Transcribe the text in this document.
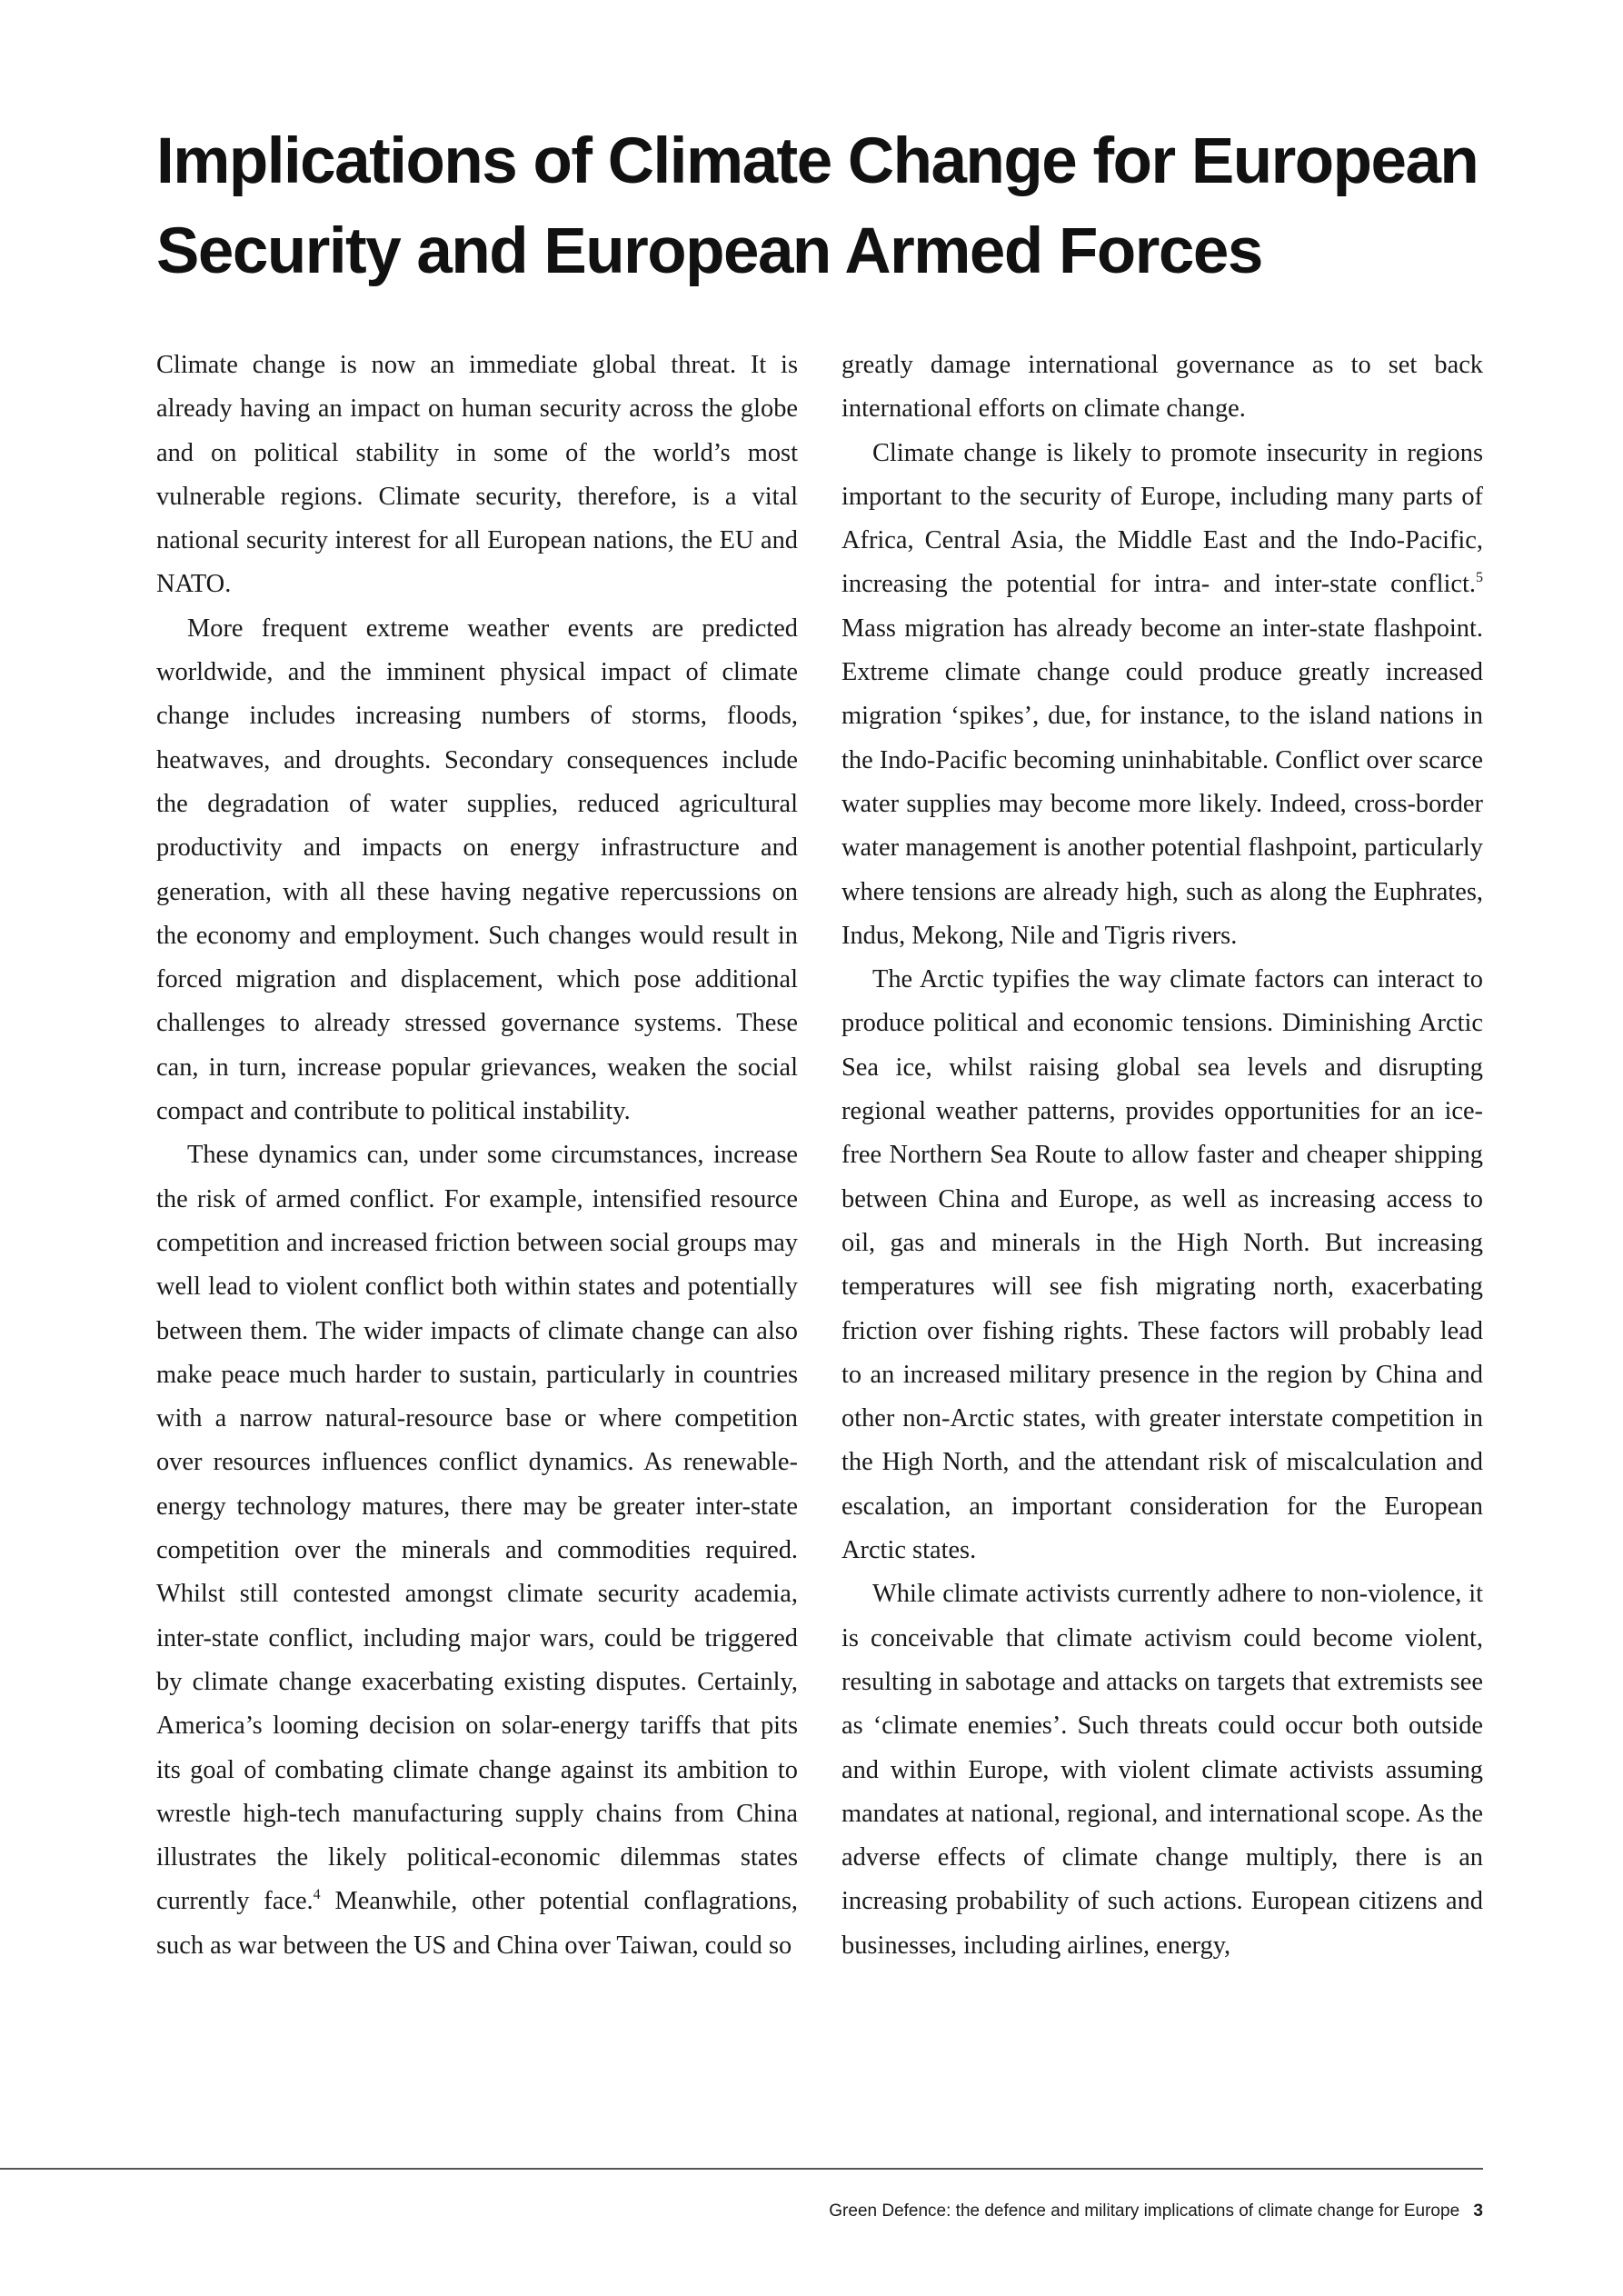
Implications of Climate Change for European Security and European Armed Forces

Climate change is now an immediate global threat. It is already having an impact on human security across the globe and on political stability in some of the world’s most vulnerable regions. Climate security, therefore, is a vital national security interest for all European nations, the EU and NATO.

More frequent extreme weather events are predicted worldwide, and the imminent physical impact of climate change includes increasing numbers of storms, floods, heatwaves, and droughts. Secondary consequences include the degradation of water supplies, reduced agricultural productivity and impacts on energy infrastructure and generation, with all these having negative repercussions on the economy and employment. Such changes would result in forced migration and displacement, which pose additional challenges to already stressed governance systems. These can, in turn, increase popular grievances, weaken the social compact and contribute to political instability.

These dynamics can, under some circumstances, increase the risk of armed conflict. For example, intensified resource competition and increased friction between social groups may well lead to violent conflict both within states and potentially between them. The wider impacts of climate change can also make peace much harder to sustain, particularly in countries with a narrow natural-resource base or where competition over resources influences conflict dynamics. As renewable-energy technology matures, there may be greater inter-state competition over the minerals and commodities required. Whilst still contested amongst climate security academia, inter-state conflict, including major wars, could be triggered by climate change exacerbating existing disputes. Certainly, America’s looming decision on solar-energy tariffs that pits its goal of combating climate change against its ambition to wrestle high-tech manufacturing supply chains from China illustrates the likely political-economic dilemmas states currently face.$^4$ Meanwhile, other potential conflagrations, such as war between the US and China over Taiwan, could so

greatly damage international governance as to set back international efforts on climate change.

Climate change is likely to promote insecurity in regions important to the security of Europe, including many parts of Africa, Central Asia, the Middle East and the Indo-Pacific, increasing the potential for intra- and inter-state conflict.$^5$ Mass migration has already become an inter-state flashpoint. Extreme climate change could produce greatly increased migration ‘spikes’, due, for instance, to the island nations in the Indo-Pacific becoming uninhabitable. Conflict over scarce water supplies may become more likely. Indeed, cross-border water management is another potential flashpoint, particularly where tensions are already high, such as along the Euphrates, Indus, Mekong, Nile and Tigris rivers.

The Arctic typifies the way climate factors can interact to produce political and economic tensions. Diminishing Arctic Sea ice, whilst raising global sea levels and disrupting regional weather patterns, provides opportunities for an ice-free Northern Sea Route to allow faster and cheaper shipping between China and Europe, as well as increasing access to oil, gas and minerals in the High North. But increasing temperatures will see fish migrating north, exacerbating friction over fishing rights. These factors will probably lead to an increased military presence in the region by China and other non-Arctic states, with greater interstate competition in the High North, and the attendant risk of miscalculation and escalation, an important consideration for the European Arctic states.

While climate activists currently adhere to non-violence, it is conceivable that climate activism could become violent, resulting in sabotage and attacks on targets that extremists see as ‘climate enemies’. Such threats could occur both outside and within Europe, with violent climate activists assuming mandates at national, regional, and international scope. As the adverse effects of climate change multiply, there is an increasing probability of such actions. European citizens and businesses, including airlines, energy,

Green Defence: the defence and military implications of climate change for Europe 3
